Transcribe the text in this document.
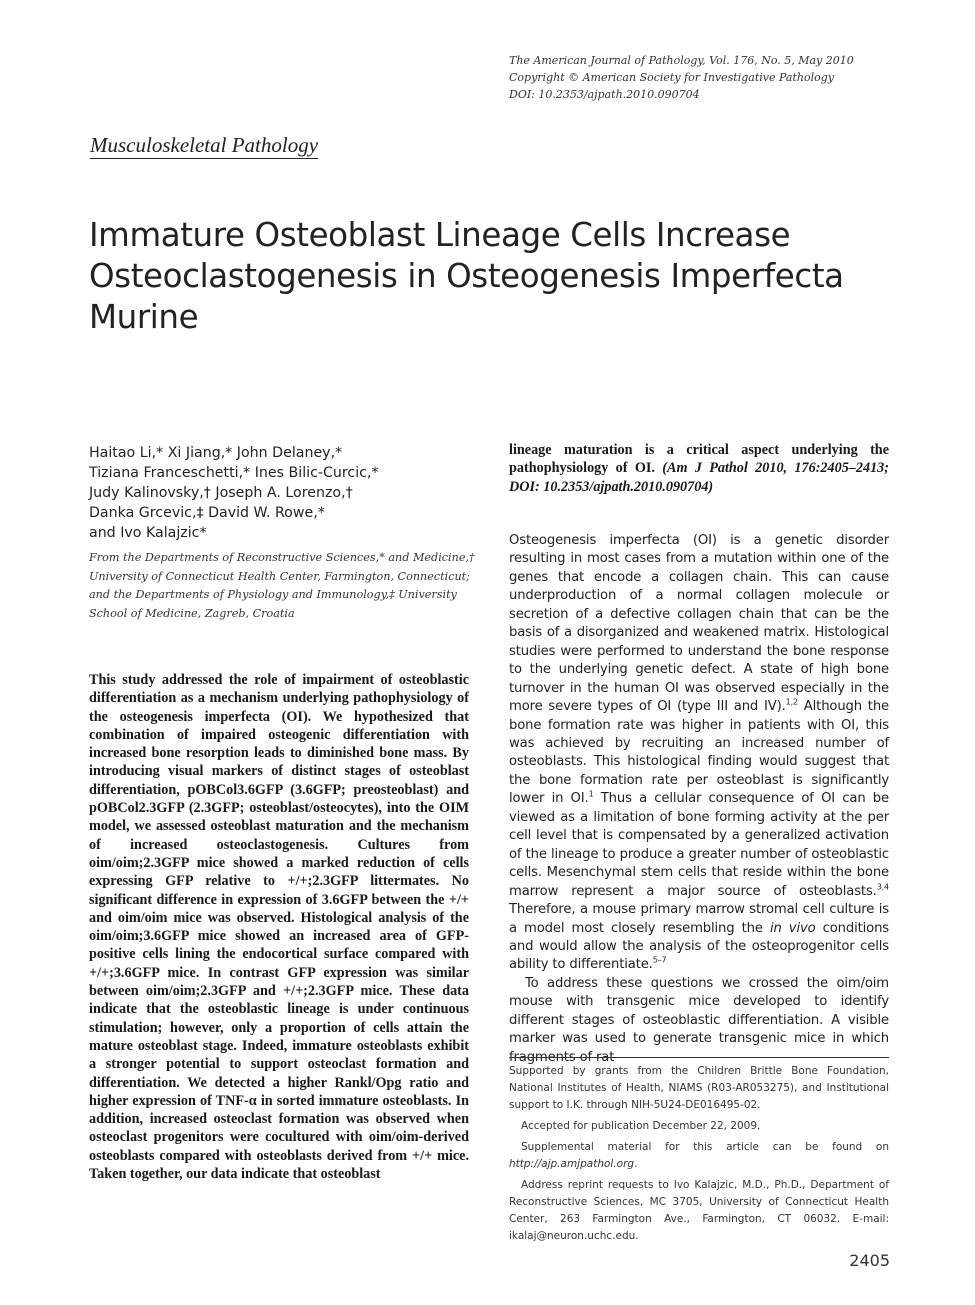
The American Journal of Pathology, Vol. 176, No. 5, May 2010
Copyright © American Society for Investigative Pathology
DOI: 10.2353/ajpath.2010.090704
Musculoskeletal Pathology
Immature Osteoblast Lineage Cells Increase Osteoclastogenesis in Osteogenesis Imperfecta Murine
Haitao Li,* Xi Jiang,* John Delaney,*
Tiziana Franceschetti,* Ines Bilic-Curcic,*
Judy Kalinovsky,† Joseph A. Lorenzo,†
Danka Grcevic,‡ David W. Rowe,*
and Ivo Kalajzic*
From the Departments of Reconstructive Sciences,* and Medicine,† University of Connecticut Health Center, Farmington, Connecticut; and the Departments of Physiology and Immunology,‡ University School of Medicine, Zagreb, Croatia
This study addressed the role of impairment of osteoblastic differentiation as a mechanism underlying pathophysiology of the osteogenesis imperfecta (OI). We hypothesized that combination of impaired osteogenic differentiation with increased bone resorption leads to diminished bone mass. By introducing visual markers of distinct stages of osteoblast differentiation, pOBCol3.6GFP (3.6GFP; preosteoblast) and pOBCol2.3GFP (2.3GFP; osteoblast/osteocytes), into the OIM model, we assessed osteoblast maturation and the mechanism of increased osteoclastogenesis. Cultures from oim/oim;2.3GFP mice showed a marked reduction of cells expressing GFP relative to +/+;2.3GFP littermates. No significant difference in expression of 3.6GFP between the +/+ and oim/oim mice was observed. Histological analysis of the oim/oim;3.6GFP mice showed an increased area of GFP-positive cells lining the endocortical surface compared with +/+;3.6GFP mice. In contrast GFP expression was similar between oim/oim;2.3GFP and +/+;2.3GFP mice. These data indicate that the osteoblastic lineage is under continuous stimulation; however, only a proportion of cells attain the mature osteoblast stage. Indeed, immature osteoblasts exhibit a stronger potential to support osteoclast formation and differentiation. We detected a higher Rankl/Opg ratio and higher expression of TNF-α in sorted immature osteoblasts. In addition, increased osteoclast formation was observed when osteoclast progenitors were cocultured with oim/oim-derived osteoblasts compared with osteoblasts derived from +/+ mice. Taken together, our data indicate that osteoblast
lineage maturation is a critical aspect underlying the pathophysiology of OI. (Am J Pathol 2010, 176:2405–2413; DOI: 10.2353/ajpath.2010.090704)

Osteogenesis imperfecta (OI) is a genetic disorder resulting in most cases from a mutation within one of the genes that encode a collagen chain. This can cause underproduction of a normal collagen molecule or secretion of a defective collagen chain that can be the basis of a disorganized and weakened matrix. Histological studies were performed to understand the bone response to the underlying genetic defect. A state of high bone turnover in the human OI was observed especially in the more severe types of OI (type III and IV).$^{1,2}$ Although the bone formation rate was higher in patients with OI, this was achieved by recruiting an increased number of osteoblasts. This histological finding would suggest that the bone formation rate per osteoblast is significantly lower in OI.$^1$ Thus a cellular consequence of OI can be viewed as a limitation of bone forming activity at the per cell level that is compensated by a generalized activation of the lineage to produce a greater number of osteoblastic cells. Mesenchymal stem cells that reside within the bone marrow represent a major source of osteoblasts.$^{3,4}$ Therefore, a mouse primary marrow stromal cell culture is a model most closely resembling the in vivo conditions and would allow the analysis of the osteoprogenitor cells ability to differentiate.$^{5-7}$

To address these questions we crossed the oim/oim mouse with transgenic mice developed to identify different stages of osteoblastic differentiation. A visible marker was used to generate transgenic mice in which fragments of rat

Supported by grants from the Children Brittle Bone Foundation, National Institutes of Health, NIAMS (R03-AR053275), and Institutional support to I.K. through NIH-5U24-DE016495-02.

Accepted for publication December 22, 2009.

Supplemental material for this article can be found on http://ajp.amjpathol.org.

Address reprint requests to Ivo Kalajzic, M.D., Ph.D., Department of Reconstructive Sciences, MC 3705, University of Connecticut Health Center, 263 Farmington Ave., Farmington, CT 06032. E-mail: ikalaj@neuron.uchc.edu.

2405
